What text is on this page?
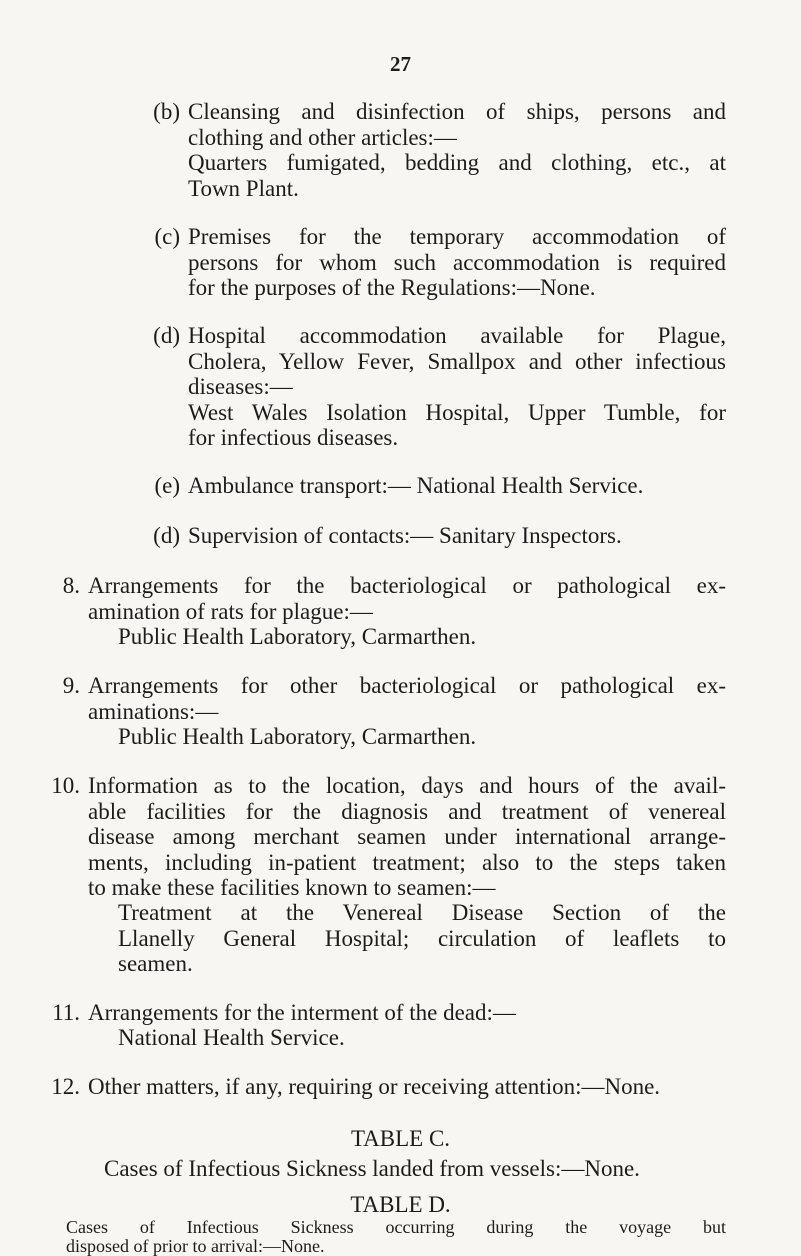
27
(b) Cleansing and disinfection of ships, persons and
clothing and other articles:—
Quarters fumigated, bedding and clothing, etc., at
Town Plant.
(c) Premises for the temporary accommodation of
persons for whom such accommodation is required
for the purposes of the Regulations:—None.
(d) Hospital accommodation available for Plague,
Cholera, Yellow Fever, Smallpox and other infectious
diseases:—
West Wales Isolation Hospital, Upper Tumble, for
for infectious diseases.
(e) Ambulance transport:— National Health Service.
(d) Supervision of contacts:— Sanitary Inspectors.
8. Arrangements for the bacteriological or pathological ex-
amination of rats for plague:—
Public Health Laboratory, Carmarthen.
9. Arrangements for other bacteriological or pathological ex-
aminations:—
Public Health Laboratory, Carmarthen.
10. Information as to the location, days and hours of the avail-
able facilities for the diagnosis and treatment of venereal
disease among merchant seamen under international arrange-
ments, including in-patient treatment; also to the steps taken
to make these facilities known to seamen:—
Treatment at the Venereal Disease Section of the
Llanelly General Hospital; circulation of leaflets to
seamen.
11. Arrangements for the interment of the dead:—
National Health Service.
12. Other matters, if any, requiring or receiving attention:—None.
TABLE C.
Cases of Infectious Sickness landed from vessels:—None.
TABLE D.
Cases of Infectious Sickness occurring during the voyage but
disposed of prior to arrival:—None.
